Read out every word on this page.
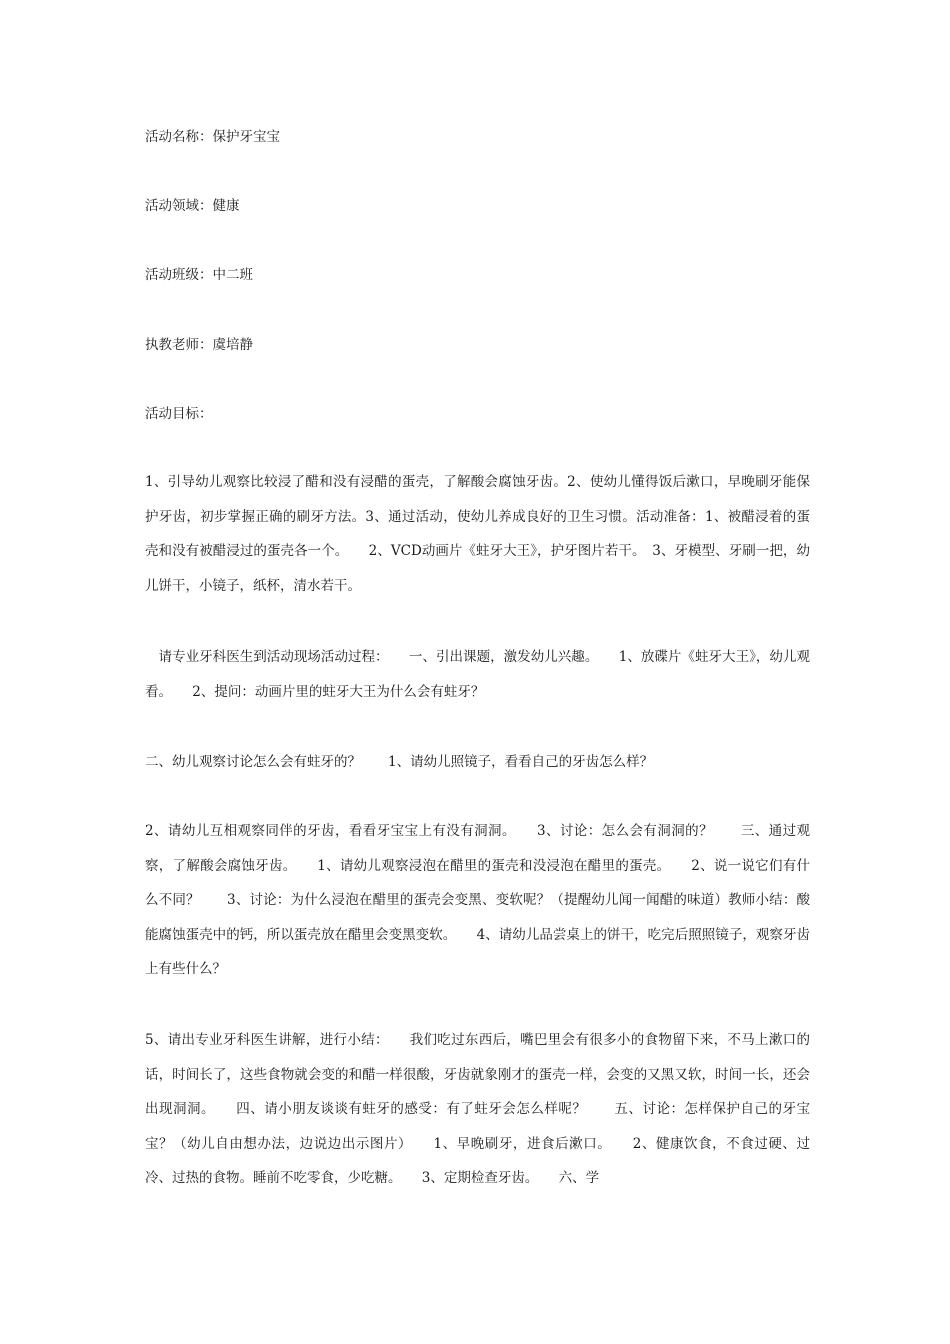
活动名称：保护牙宝宝
活动领域：健康
活动班级：中二班
执教老师：虞培静
活动目标：

1、引导幼儿观察比较浸了醋和没有浸醋的蛋壳，了解酸会腐蚀牙齿。2、使幼儿懂得饭后漱口，早晚刷牙能保护牙齿，初步掌握正确的刷牙方法。3、通过活动，使幼儿养成良好的卫生习惯。活动准备：1、被醋浸着的蛋壳和没有被醋浸过的蛋壳各一个。　　2、VCD动画片《蛀牙大王》，护牙图片若干。　3、牙模型、牙刷一把，幼儿饼干，小镜子，纸杯，清水若干。

　请专业牙科医生到活动现场活动过程：　　一、引出课题，激发幼儿兴趣。　　1、放碟片《蛀牙大王》，幼儿观看。　　2、提问：动画片里的蛀牙大王为什么会有蛀牙？

二、幼儿观察讨论怎么会有蛀牙的？　　1、请幼儿照镜子，看看自己的牙齿怎么样？

2、请幼儿互相观察同伴的牙齿，看看牙宝宝上有没有洞洞。　　3、讨论：怎么会有洞洞的？　　三、通过观察，了解酸会腐蚀牙齿。　　1、请幼儿观察浸泡在醋里的蛋壳和没浸泡在醋里的蛋壳。　　2、说一说它们有什么不同？　　3、讨论：为什么浸泡在醋里的蛋壳会变黑、变软呢？（提醒幼儿闻一闻醋的味道）教师小结：酸能腐蚀蛋壳中的钙，所以蛋壳放在醋里会变黑变软。　　4、请幼儿品尝桌上的饼干，吃完后照照镜子，观察牙齿上有些什么？

5、请出专业牙科医生讲解，进行小结：　　我们吃过东西后，嘴巴里会有很多小的食物留下来，不马上漱口的话，时间长了，这些食物就会变的和醋一样很酸，牙齿就象刚才的蛋壳一样，会变的又黑又软，时间一长，还会出现洞洞。　　四、请小朋友谈谈有蛀牙的感受：有了蛀牙会怎么样呢？　　五、讨论：怎样保护自己的牙宝宝？（幼儿自由想办法，边说边出示图片）　　1、早晚刷牙，进食后漱口。　　2、健康饮食，不食过硬、过冷、过热的食物。睡前不吃零食，少吃糖。　　3、定期检查牙齿。　　六、学
